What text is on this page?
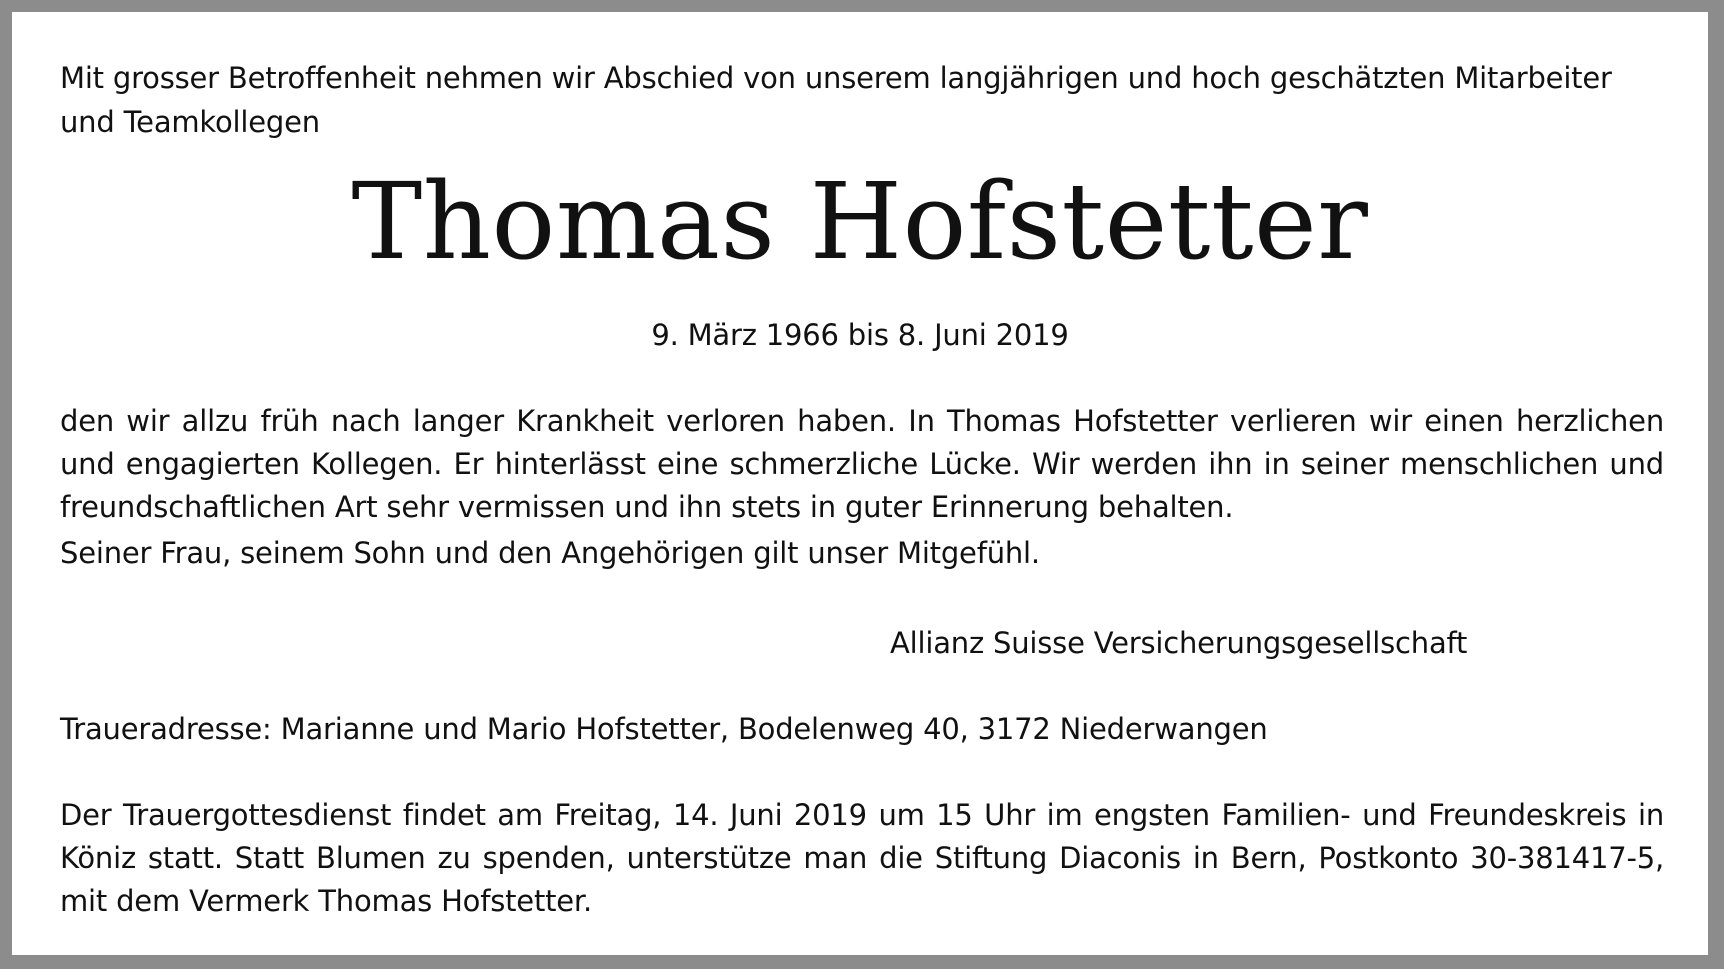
Mit grosser Betroffenheit nehmen wir Abschied von unserem langjährigen und hoch geschätzten Mitarbeiter und Teamkollegen
Thomas Hofstetter
9. März 1966 bis 8. Juni 2019
den wir allzu früh nach langer Krankheit verloren haben. In Thomas Hofstetter verlieren wir einen herzlichen und engagierten Kollegen. Er hinterlässt eine schmerzliche Lücke. Wir werden ihn in seiner menschlichen und freundschaftlichen Art sehr vermissen und ihn stets in guter Erinnerung behalten.
Seiner Frau, seinem Sohn und den Angehörigen gilt unser Mitgefühl.
Allianz Suisse Versicherungsgesellschaft
Traueradresse: Marianne und Mario Hofstetter, Bodelenweg 40, 3172 Niederwangen
Der Trauergottesdienst findet am Freitag, 14. Juni 2019 um 15 Uhr im engsten Familien- und Freundeskreis in Köniz statt. Statt Blumen zu spenden, unterstütze man die Stiftung Diaconis in Bern, Postkonto 30-381417-5, mit dem Vermerk Thomas Hofstetter.
